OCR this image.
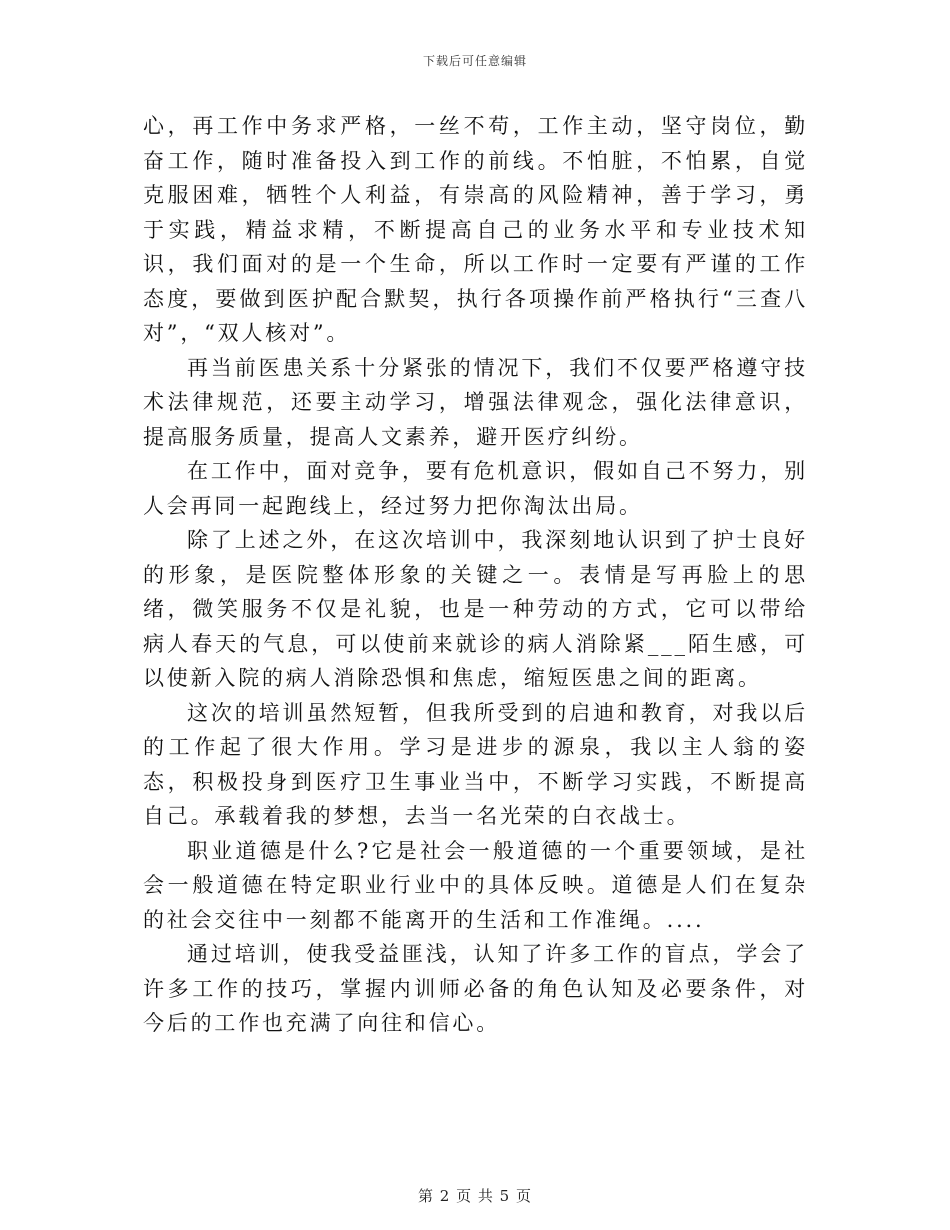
下载后可任意编辑

心，再工作中务求严格，一丝不苟，工作主动，坚守岗位，勤奋工作，随时准备投入到工作的前线。不怕脏，不怕累，自觉克服困难，牺牲个人利益，有崇高的风险精神，善于学习，勇于实践，精益求精，不断提高自己的业务水平和专业技术知识，我们面对的是一个生命，所以工作时一定要有严谨的工作态度，要做到医护配合默契，执行各项操作前严格执行“三查八对”，“双人核对”。

再当前医患关系十分紧张的情况下，我们不仅要严格遵守技术法律规范，还要主动学习，增强法律观念，强化法律意识，提高服务质量，提高人文素养，避开医疗纠纷。

在工作中，面对竞争，要有危机意识，假如自己不努力，别人会再同一起跑线上，经过努力把你淘汰出局。

除了上述之外，在这次培训中，我深刻地认识到了护士良好的形象，是医院整体形象的关键之一。表情是写再脸上的思绪，微笑服务不仅是礼貌，也是一种劳动的方式，它可以带给病人春天的气息，可以使前来就诊的病人消除紧___陌生感，可以使新入院的病人消除恐惧和焦虑，缩短医患之间的距离。

这次的培训虽然短暂，但我所受到的启迪和教育，对我以后的工作起了很大作用。学习是进步的源泉，我以主人翁的姿态，积极投身到医疗卫生事业当中，不断学习实践，不断提高自己。承载着我的梦想，去当一名光荣的白衣战士。

职业道德是什么?它是社会一般道德的一个重要领域，是社会一般道德在特定职业行业中的具体反映。道德是人们在复杂的社会交往中一刻都不能离开的生活和工作准绳。....

通过培训，使我受益匪浅，认知了许多工作的盲点，学会了许多工作的技巧，掌握内训师必备的角色认知及必要条件，对今后的工作也充满了向往和信心。

第 2 页 共 5 页
